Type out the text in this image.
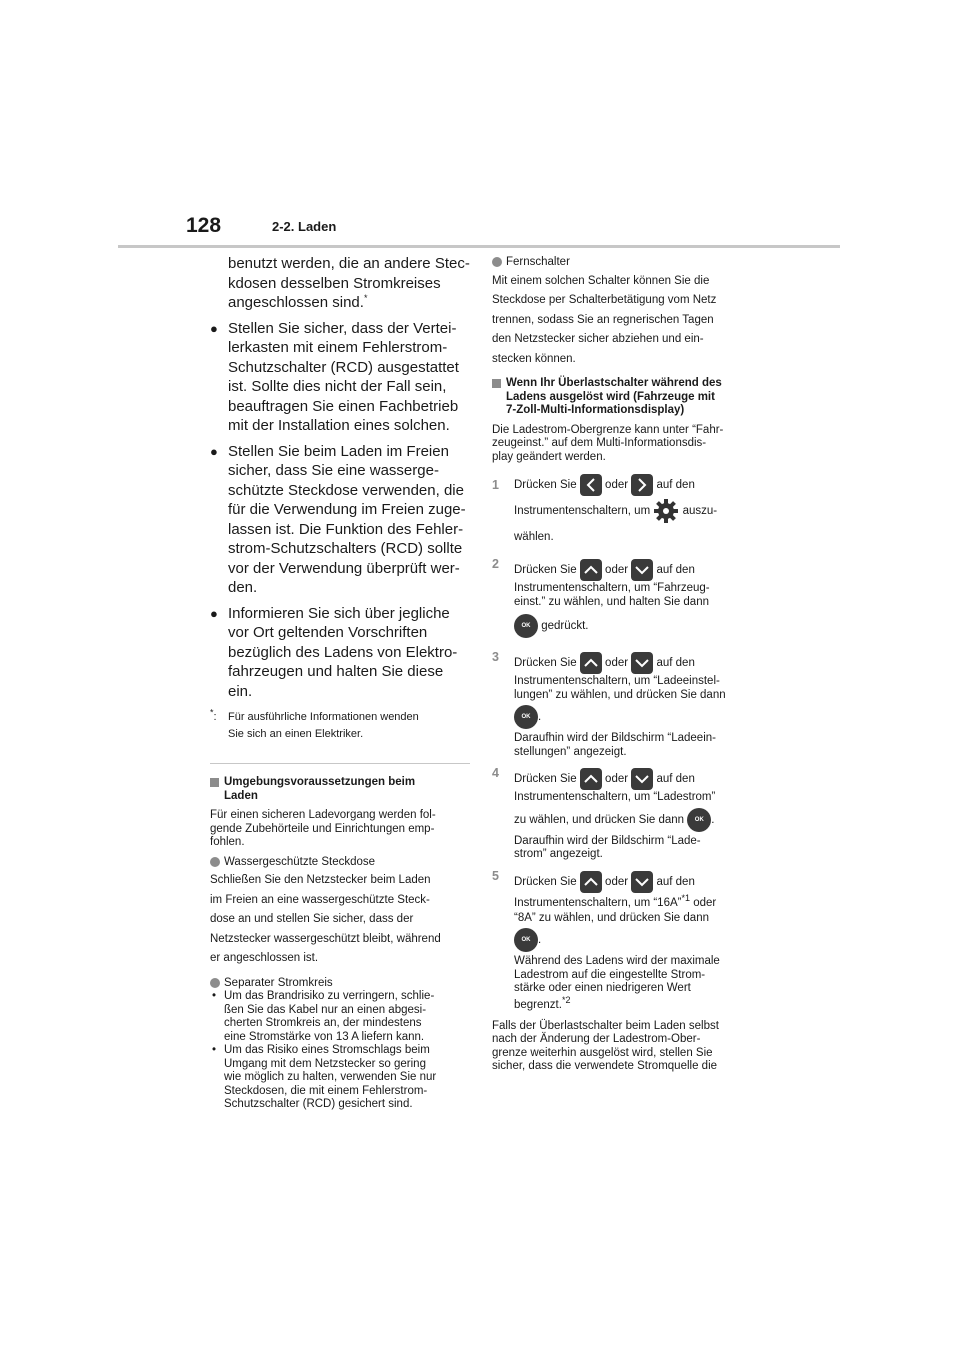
128	2-2. Laden
benutzt werden, die an andere Stec-
kdosen desselben Stromkreises
angeschlossen sind.*
● Stellen Sie sicher, dass der Vertei-
lerkasten mit einem Fehlerstrom-
Schutzschalter (RCD) ausgestattet
ist. Sollte dies nicht der Fall sein,
beauftragen Sie einen Fachbetrieb
mit der Installation eines solchen.
● Stellen Sie beim Laden im Freien
sicher, dass Sie eine wasserge-
schützte Steckdose verwenden, die
für die Verwendung im Freien zuge-
lassen ist. Die Funktion des Fehler-
strom-Schutzschalters (RCD) sollte
vor der Verwendung überprüft wer-
den.
● Informieren Sie sich über jegliche
vor Ort geltenden Vorschriften
bezüglich des Ladens von Elektro-
fahrzeugen und halten Sie diese ein.
*: Für ausführliche Informationen wenden
Sie sich an einen Elektriker.
Umgebungsvoraussetzungen beim
Laden
Für einen sicheren Ladevorgang werden fol-
gende Zubehörteile und Einrichtungen emp-
fohlen.
Wassergeschützte Steckdose
Schließen Sie den Netzstecker beim Laden
im Freien an eine wassergeschützte Steck-
dose an und stellen Sie sicher, dass der
Netzstecker wassergeschützt bleibt, während
er angeschlossen ist.
Separater Stromkreis
• Um das Brandrisiko zu verringern, schlie-
ßen Sie das Kabel nur an einen abgesi-
cherten Stromkreis an, der mindestens
eine Stromstärke von 13 A liefern kann.
• Um das Risiko eines Stromschlags beim
Umgang mit dem Netzstecker so gering
wie möglich zu halten, verwenden Sie nur
Steckdosen, die mit einem Fehlerstrom-
Schutzschalter (RCD) gesichert sind.
Fernschalter
Mit einem solchen Schalter können Sie die
Steckdose per Schalterbetätigung vom Netz
trennen, sodass Sie an regnerischen Tagen
den Netzstecker sicher abziehen und ein-
stecken können.
Wenn Ihr Überlastschalter während des
Ladens ausgelöst wird (Fahrzeuge mit
7-Zoll-Multi-Informationsdisplay)
Die Ladestrom-Obergrenze kann unter “Fahr-
zeugeinst.” auf dem Multi-Informationsdis-
play geändert werden.
1 Drücken Sie oder auf den
Instrumentenschaltern, um	auszu-
wählen.
2 Drücken Sie oder auf den
Instrumentenschaltern, um “Fahrzeug-
einst.” zu wählen, und halten Sie dann
OK gedrückt.
3 Drücken Sie oder auf den
Instrumentenschaltern, um “Ladeeinstel-
lungen” zu wählen, und drücken Sie dann
OK .
Daraufhin wird der Bildschirm “Ladeein-
stellungen” angezeigt.
4 Drücken Sie oder auf den
Instrumentenschaltern, um “Ladestrom”
zu wählen, und drücken Sie dann OK .
Daraufhin wird der Bildschirm “Lade-
strom” angezeigt.
5 Drücken Sie oder auf den
Instrumentenschaltern, um “16A”$^{*1}$ oder
“8A” zu wählen, und drücken Sie dann
OK .
Während des Ladens wird der maximale
Ladestrom auf die eingestellte Strom-
stärke oder einen niedrigeren Wert
begrenzt.$^{*2}$
Falls der Überlastschalter beim Laden selbst
nach der Änderung der Ladestrom-Ober-
grenze weiterhin ausgelöst wird, stellen Sie
sicher, dass die verwendete Stromquelle die
